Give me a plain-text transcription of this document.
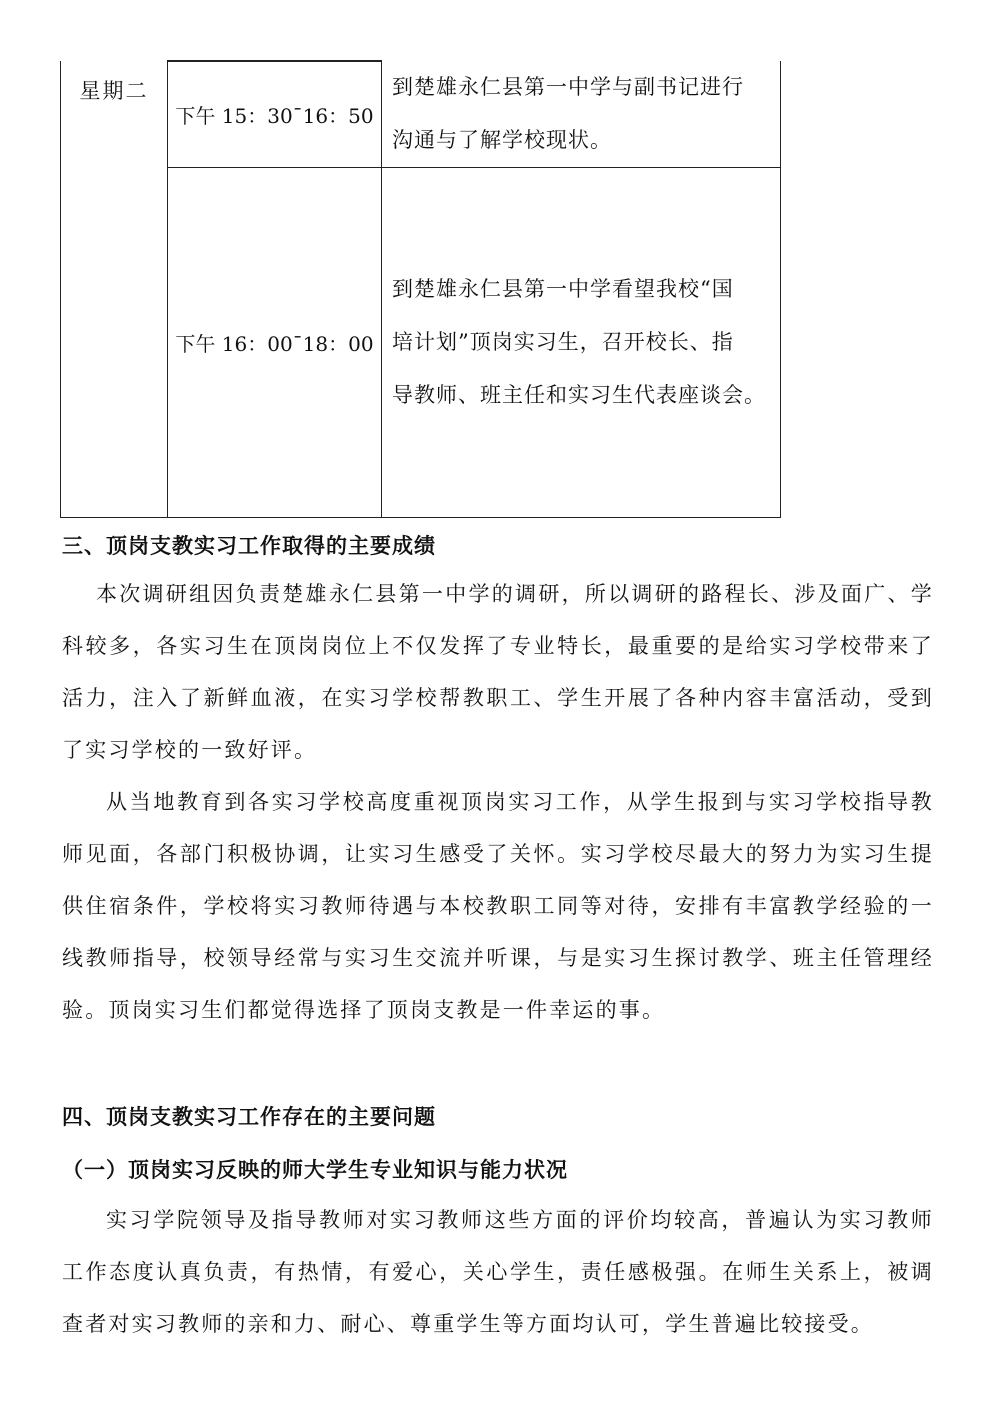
星期二	下午 15：30¯16：50	到楚雄永仁县第一中学与副书记进行
沟通与了解学校现状。

	下午 16：00¯18：00	到楚雄永仁县第一中学看望我校“国
培计划”顶岗实习生，召开校长、指
导教师、班主任和实习生代表座谈会。
三、顶岗支教实习工作取得的主要成绩
本次调研组因负责楚雄永仁县第一中学的调研，所以调研的路程长、涉及面广、学
科较多，各实习生在顶岗岗位上不仅发挥了专业特长，最重要的是给实习学校带来了
活力，注入了新鲜血液，在实习学校帮教职工、学生开展了各种内容丰富活动，受到
了实习学校的一致好评。
从当地教育到各实习学校高度重视顶岗实习工作，从学生报到与实习学校指导教
师见面，各部门积极协调，让实习生感受了关怀。实习学校尽最大的努力为实习生提
供住宿条件，学校将实习教师待遇与本校教职工同等对待，安排有丰富教学经验的一
线教师指导，校领导经常与实习生交流并听课，与是实习生探讨教学、班主任管理经
验。顶岗实习生们都觉得选择了顶岗支教是一件幸运的事。
四、顶岗支教实习工作存在的主要问题
（一）顶岗实习反映的师大学生专业知识与能力状况
实习学院领导及指导教师对实习教师这些方面的评价均较高，普遍认为实习教师
工作态度认真负责，有热情，有爱心，关心学生，责任感极强。在师生关系上，被调
查者对实习教师的亲和力、耐心、尊重学生等方面均认可，学生普遍比较接受。
